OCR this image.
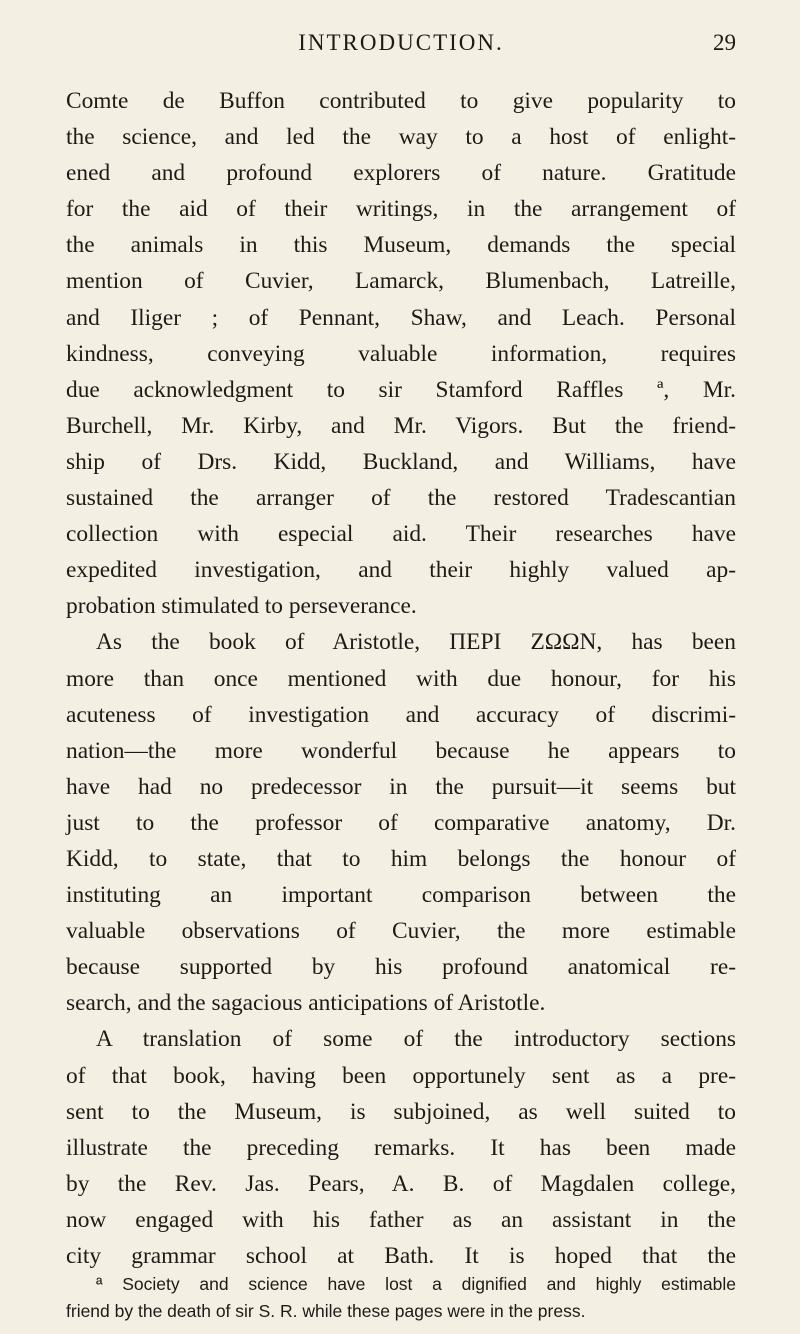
INTRODUCTION.	29
Comte de Buffon contributed to give popularity to
the science, and led the way to a host of enlight-
ened and profound explorers of nature. Gratitude
for the aid of their writings, in the arrangement of
the animals in this Museum, demands the special
mention of Cuvier, Lamarck, Blumenbach, Latreille,
and Iliger ; of Pennant, Shaw, and Leach. Personal
kindness, conveying valuable information, requires
due acknowledgment to sir Stamford Raffles ª, Mr.
Burchell, Mr. Kirby, and Mr. Vigors. But the friend-
ship of Drs. Kidd, Buckland, and Williams, have
sustained the arranger of the restored Tradescantian
collection with especial aid. Their researches have
expedited investigation, and their highly valued ap-
probation stimulated to perseverance.
As the book of Aristotle, ΠΕΡΙ ΖΩΩΝ, has been
more than once mentioned with due honour, for his
acuteness of investigation and accuracy of discrimi-
nation—the more wonderful because he appears to
have had no predecessor in the pursuit—it seems but
just to the professor of comparative anatomy, Dr.
Kidd, to state, that to him belongs the honour of
instituting an important comparison between the
valuable observations of Cuvier, the more estimable
because supported by his profound anatomical re-
search, and the sagacious anticipations of Aristotle.
A translation of some of the introductory sections
of that book, having been opportunely sent as a pre-
sent to the Museum, is subjoined, as well suited to
illustrate the preceding remarks. It has been made
by the Rev. Jas. Pears, A. B. of Magdalen college,
now engaged with his father as an assistant in the
city grammar school at Bath. It is hoped that the
ª Society and science have lost a dignified and highly estimable
friend by the death of sir S. R. while these pages were in the press.
